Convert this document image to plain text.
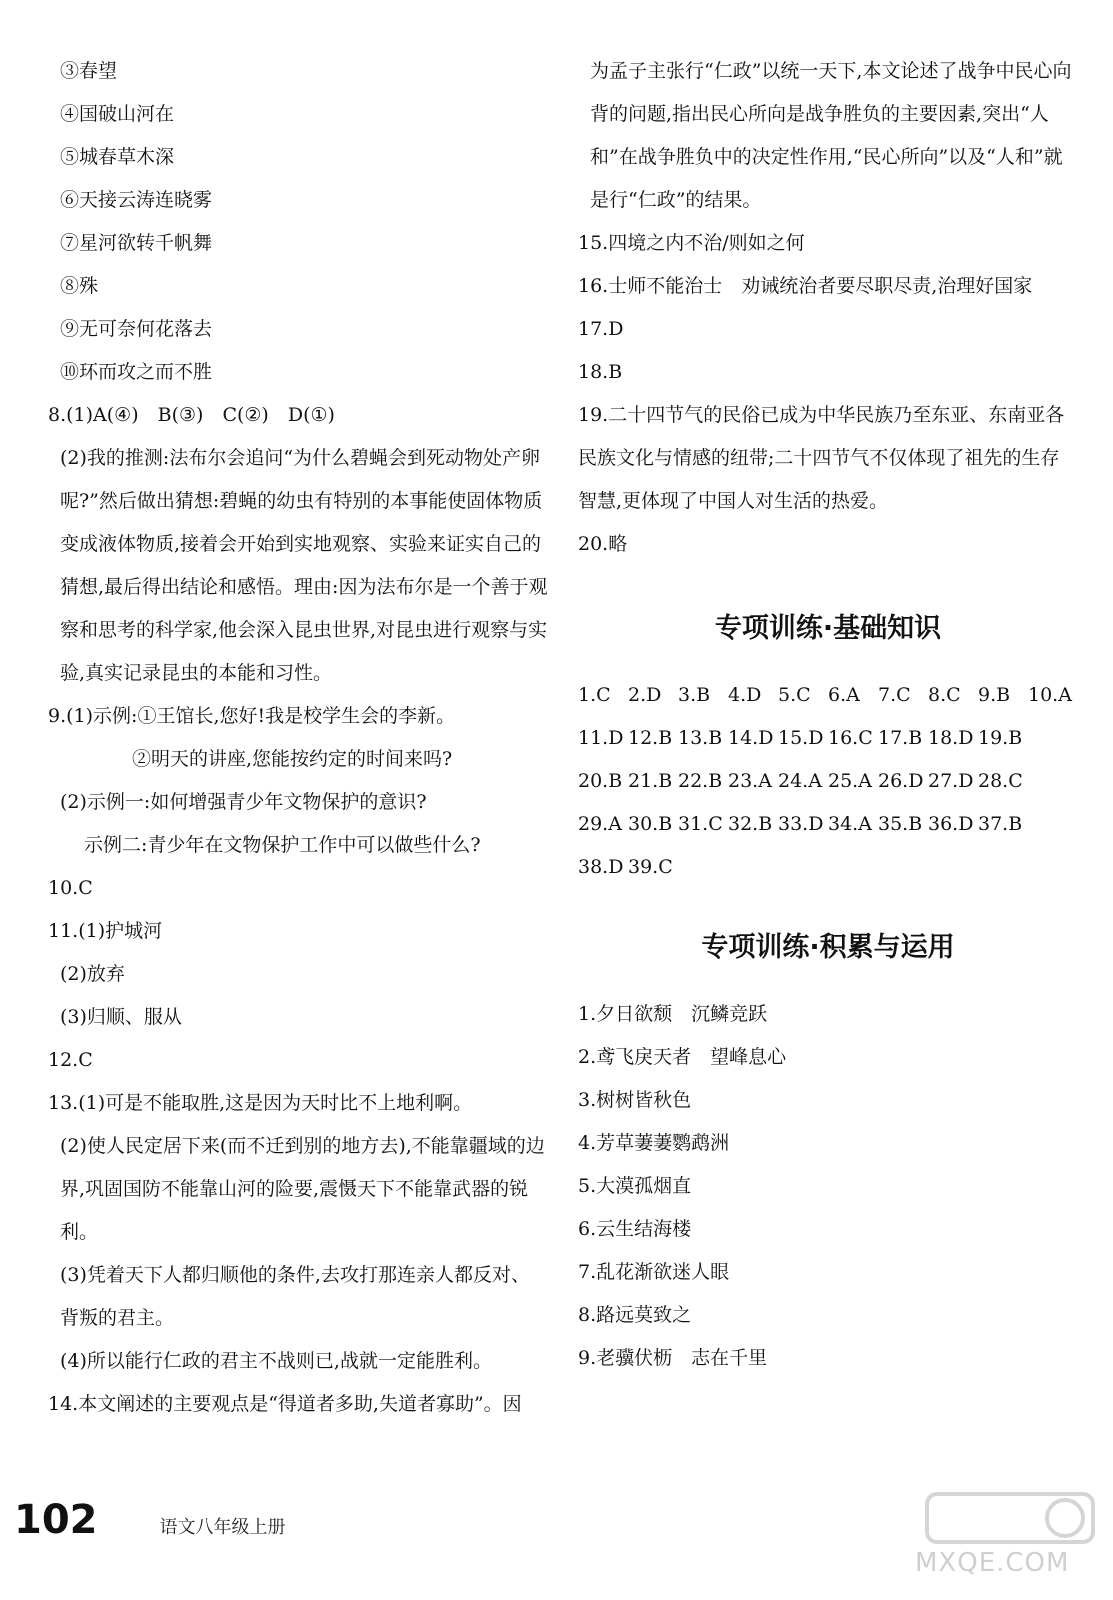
③春望
④国破山河在
⑤城春草木深
⑥天接云涛连晓雾
⑦星河欲转千帆舞
⑧殊
⑨无可奈何花落去
⑩环而攻之而不胜
8.(1)A(④)　B(③)　C(②)　D(①)
(2)我的推测:法布尔会追问“为什么碧蝇会到死动物处产卵呢?”然后做出猜想:碧蝇的幼虫有特别的本事能使固体物质变成液体物质,接着会开始到实地观察、实验来证实自己的猜想,最后得出结论和感悟。理由:因为法布尔是一个善于观察和思考的科学家,他会深入昆虫世界,对昆虫进行观察与实验,真实记录昆虫的本能和习性。
9.(1)示例:①王馆长,您好!我是校学生会的李新。
②明天的讲座,您能按约定的时间来吗?
(2)示例一:如何增强青少年文物保护的意识?
示例二:青少年在文物保护工作中可以做些什么?
10.C
11.(1)护城河
(2)放弃
(3)归顺、服从
12.C
13.(1)可是不能取胜,这是因为天时比不上地利啊。
(2)使人民定居下来(而不迁到别的地方去),不能靠疆域的边界,巩固国防不能靠山河的险要,震慑天下不能靠武器的锐利。
(3)凭着天下人都归顺他的条件,去攻打那连亲人都反对、背叛的君主。
(4)所以能行仁政的君主不战则已,战就一定能胜利。
14.本文阐述的主要观点是“得道者多助,失道者寡助”。因
为孟子主张行“仁政”以统一天下,本文论述了战争中民心向背的问题,指出民心所向是战争胜负的主要因素,突出“人和”在战争胜负中的决定性作用,“民心所向”以及“人和”就是行“仁政”的结果。
15.四境之内不治/则如之何
16.士师不能治士　劝诫统治者要尽职尽责,治理好国家
17.D
18.B
19.二十四节气的民俗已成为中华民族乃至东亚、东南亚各民族文化与情感的纽带;二十四节气不仅体现了祖先的生存智慧,更体现了中国人对生活的热爱。
20.略
专项训练·基础知识
1.C 2.D 3.B 4.D 5.C 6.A 7.C 8.C 9.B 10.A
11.D 12.B 13.B 14.D 15.D 16.C 17.B 18.D 19.B
20.B 21.B 22.B 23.A 24.A 25.A 26.D 27.D 28.C
29.A 30.B 31.C 32.B 33.D 34.A 35.B 36.D 37.B
38.D 39.C
专项训练·积累与运用
1.夕日欲颓　沉鳞竞跃
2.鸢飞戾天者　望峰息心
3.树树皆秋色
4.芳草萋萋鹦鹉洲
5.大漠孤烟直
6.云生结海楼
7.乱花渐欲迷人眼
8.路远莫致之
9.老骥伏枥　志在千里
102	语文八年级上册
MXQE.COM
